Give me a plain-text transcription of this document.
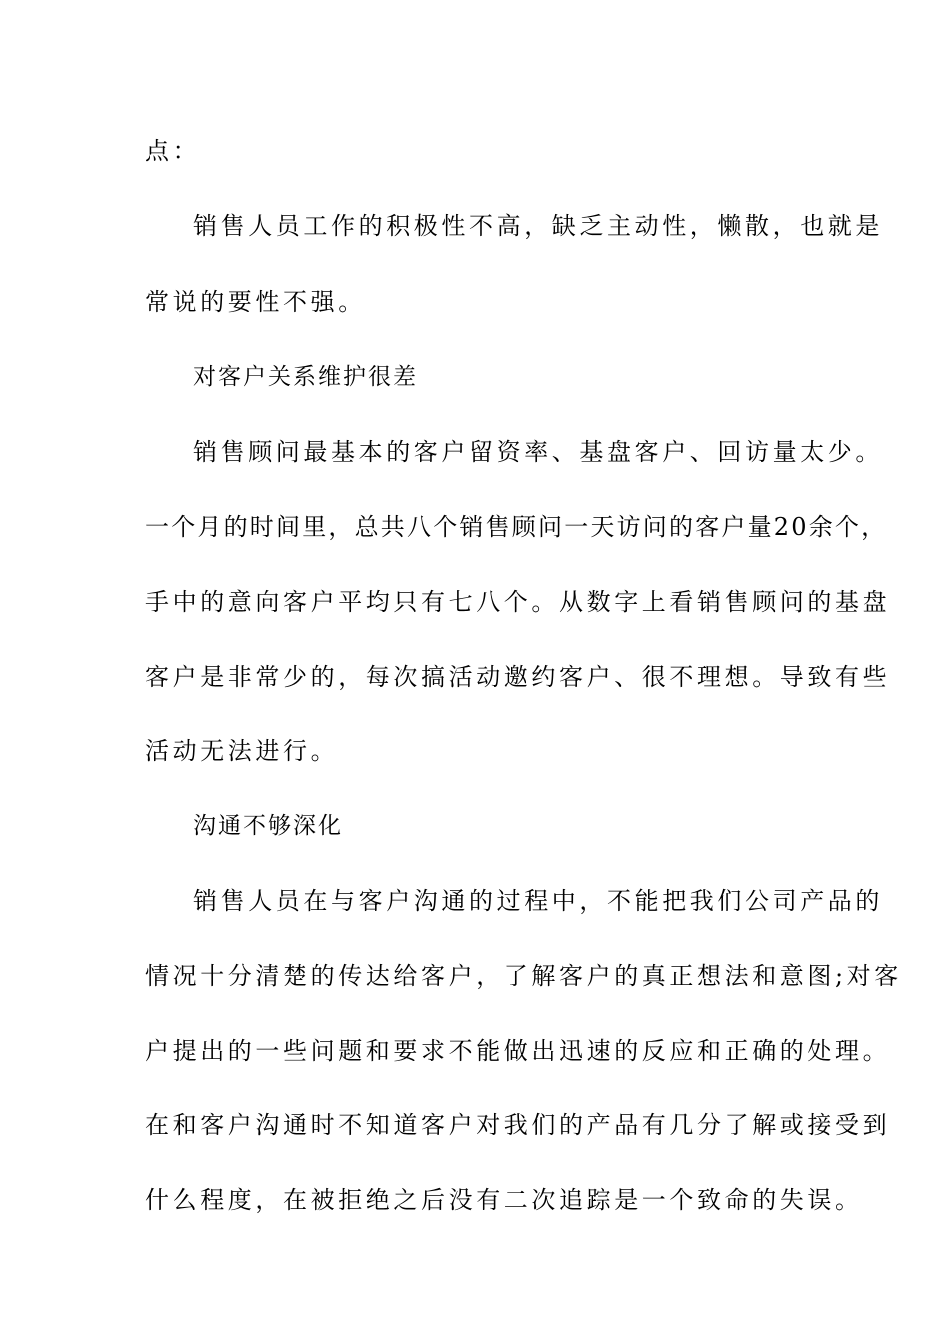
点：
销售人员工作的积极性不高，缺乏主动性，懒散，也就是
常说的要性不强。
对客户关系维护很差
销售顾问最基本的客户留资率、基盘客户、回访量太少。
一个月的时间里，总共八个销售顾问一天访问的客户量20余个，
手中的意向客户平均只有七八个。从数字上看销售顾问的基盘
客户是非常少的，每次搞活动邀约客户、很不理想。导致有些
活动无法进行。
沟通不够深化
销售人员在与客户沟通的过程中，不能把我们公司产品的
情况十分清楚的传达给客户，了解客户的真正想法和意图;对客
户提出的一些问题和要求不能做出迅速的反应和正确的处理。
在和客户沟通时不知道客户对我们的产品有几分了解或接受到
什么程度，在被拒绝之后没有二次追踪是一个致命的失误。
